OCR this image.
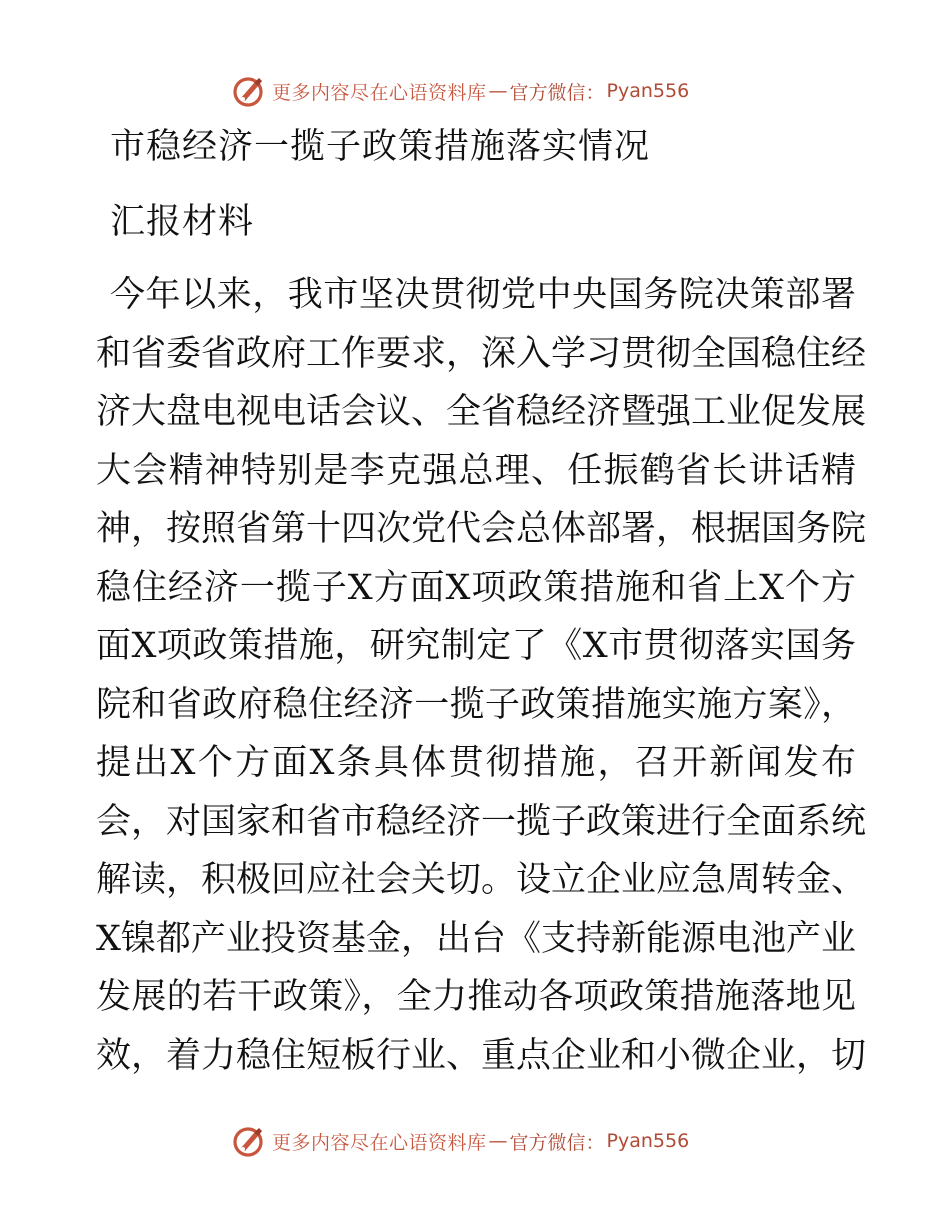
更多内容尽在心语资料库 — 官方微信： Pyan556
市稳经济一揽子政策措施落实情况
汇报材料
今年以来，我市坚决贯彻党中央国务院决策部署
和省委省政府工作要求，深入学习贯彻全国稳住经
济大盘电视电话会议、全省稳经济暨强工业促发展
大会精神特别是李克强总理、任振鹤省长讲话精
神，按照省第十四次党代会总体部署，根据国务院
稳住经济一揽子X方面X项政策措施和省上X个方
面X项政策措施，研究制定了《X市贯彻落实国务
院和省政府稳住经济一揽子政策措施实施方案》，
提出X个方面X条具体贯彻措施，召开新闻发布
会，对国家和省市稳经济一揽子政策进行全面系统
解读，积极回应社会关切。设立企业应急周转金、
X镍都产业投资基金，出台《支持新能源电池产业
发展的若干政策》，全力推动各项政策措施落地见
效，着力稳住短板行业、重点企业和小微企业，切
更多内容尽在心语资料库 — 官方微信： Pyan556
